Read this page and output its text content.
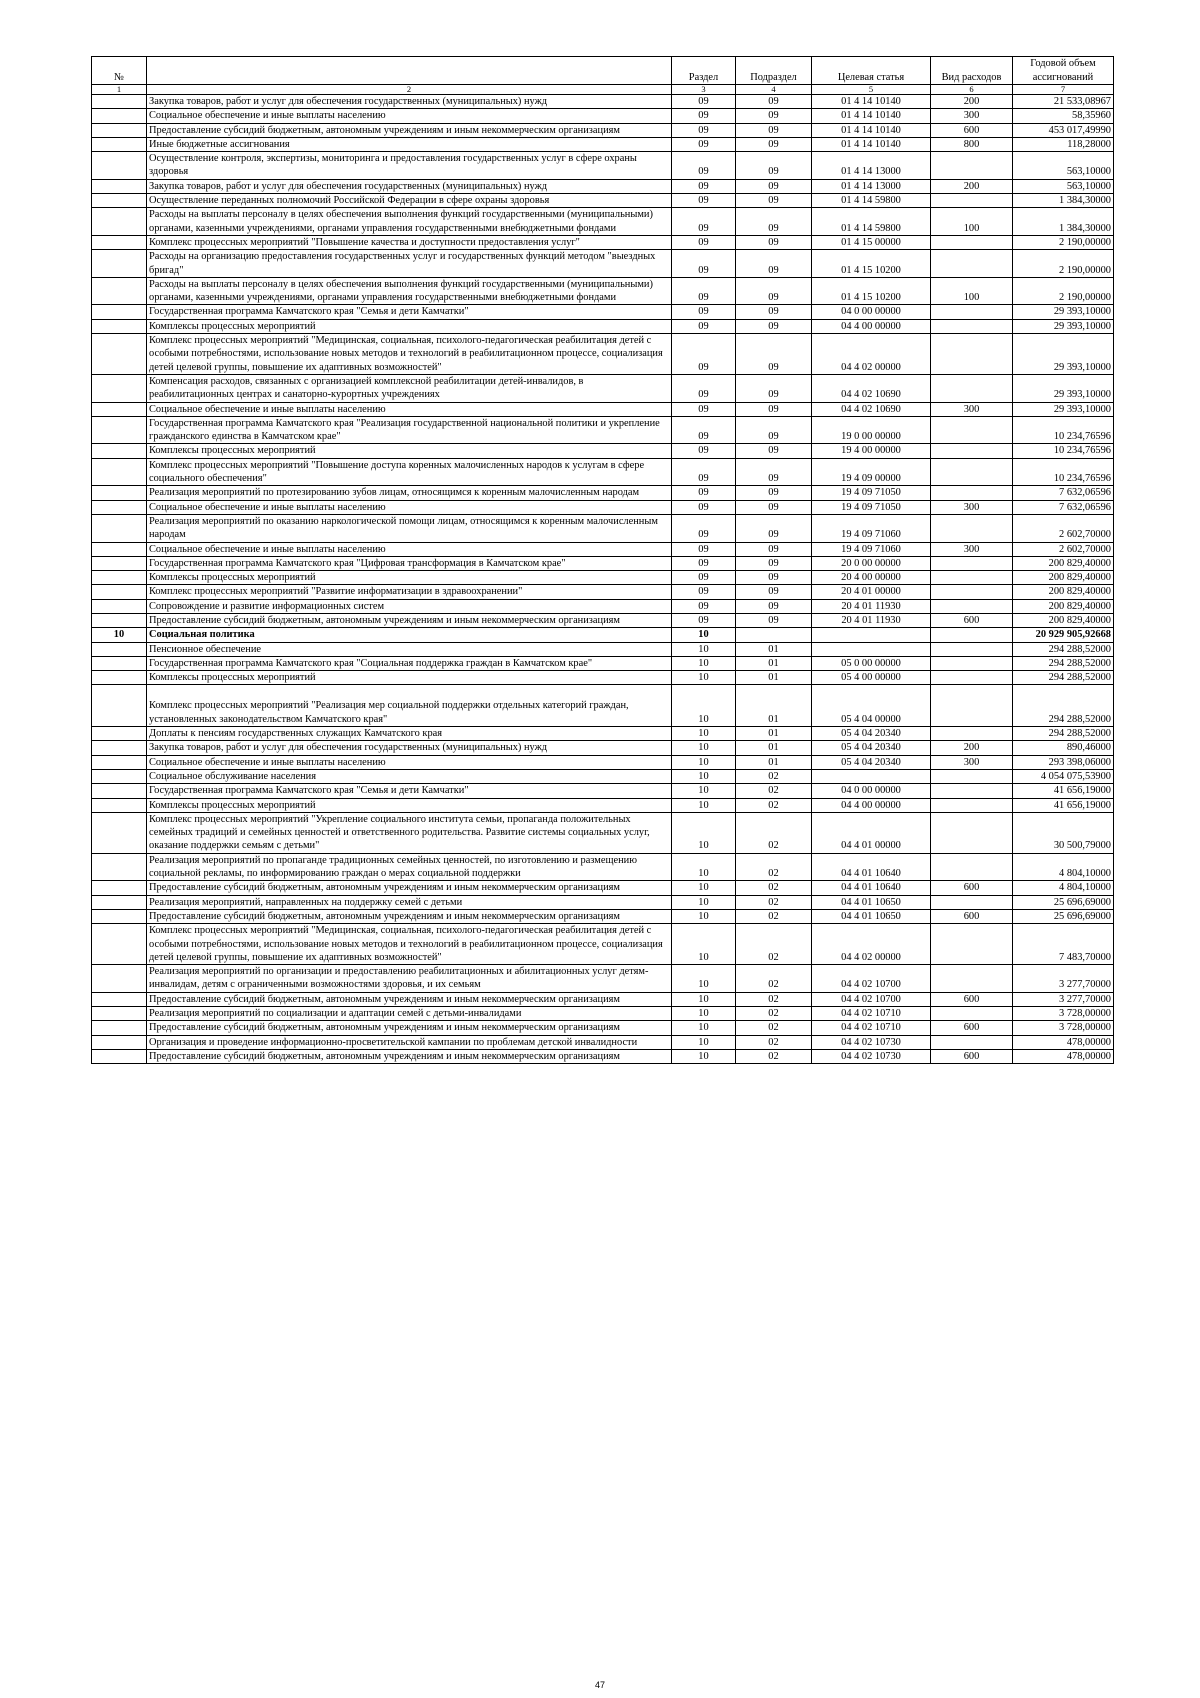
№		Раздел	Подраздел	Целевая статья	Вид расходов	Годовой объем ассигнований
1	2	3	4	5	6	7
	Закупка товаров, работ и услуг для обеспечения государственных (муниципальных) нужд	09	09	01 4 14 10140	200	21 533,08967
	Социальное обеспечение и иные выплаты населению	09	09	01 4 14 10140	300	58,35960
	Предоставление субсидий бюджетным, автономным учреждениям и иным некоммерческим организациям	09	09	01 4 14 10140	600	453 017,49990
	Иные бюджетные ассигнования	09	09	01 4 14 10140	800	118,28000
	Осуществление контроля, экспертизы, мониторинга и предоставления государственных услуг в сфере охраны здоровья	09	09	01 4 14 13000		563,10000
	Закупка товаров, работ и услуг для обеспечения государственных (муниципальных) нужд	09	09	01 4 14 13000	200	563,10000
	Осуществление переданных полномочий Российской Федерации в сфере охраны здоровья	09	09	01 4 14 59800		1 384,30000
	Расходы на выплаты персоналу в целях обеспечения выполнения функций государственными (муниципальными) органами, казенными учреждениями, органами управления государственными внебюджетными фондами	09	09	01 4 14 59800	100	1 384,30000
	Комплекс процессных мероприятий "Повышение качества и доступности предоставления услуг"	09	09	01 4 15 00000		2 190,00000
	Расходы на организацию предоставления государственных услуг и государственных функций методом "выездных бригад"	09	09	01 4 15 10200		2 190,00000
	Расходы на выплаты персоналу в целях обеспечения выполнения функций государственными (муниципальными) органами, казенными учреждениями, органами управления государственными внебюджетными фондами	09	09	01 4 15 10200	100	2 190,00000
	Государственная программа Камчатского края "Семья и дети Камчатки"	09	09	04 0 00 00000		29 393,10000
	Комплексы процессных мероприятий	09	09	04 4 00 00000		29 393,10000
	Комплекс процессных мероприятий "Медицинская, социальная, психолого-педагогическая реабилитация детей с особыми потребностями, использование новых методов и технологий в реабилитационном процессе, социализация детей целевой группы, повышение их адаптивных возможностей"	09	09	04 4 02 00000		29 393,10000
	Компенсация расходов, связанных с организацией комплексной реабилитации детей-инвалидов, в реабилитационных центрах и санаторно-курортных учреждениях	09	09	04 4 02 10690		29 393,10000
	Социальное обеспечение и иные выплаты населению	09	09	04 4 02 10690	300	29 393,10000
	Государственная программа Камчатского края "Реализация государственной национальной политики и укрепление гражданского единства в Камчатском крае"	09	09	19 0 00 00000		10 234,76596
	Комплексы процессных мероприятий	09	09	19 4 00 00000		10 234,76596
	Комплекс процессных мероприятий "Повышение доступа коренных малочисленных народов к услугам в сфере социального обеспечения"	09	09	19 4 09 00000		10 234,76596
	Реализация мероприятий по протезированию зубов лицам, относящимся к коренным малочисленным народам	09	09	19 4 09 71050		7 632,06596
	Социальное обеспечение и иные выплаты населению	09	09	19 4 09 71050	300	7 632,06596
	Реализация мероприятий по оказанию наркологической помощи лицам, относящимся к коренным малочисленным народам	09	09	19 4 09 71060		2 602,70000
	Социальное обеспечение и иные выплаты населению	09	09	19 4 09 71060	300	2 602,70000
	Государственная программа Камчатского края "Цифровая трансформация в Камчатском крае"	09	09	20 0 00 00000		200 829,40000
	Комплексы процессных мероприятий	09	09	20 4 00 00000		200 829,40000
	Комплекс процессных мероприятий "Развитие информатизации в здравоохранении"	09	09	20 4 01 00000		200 829,40000
	Сопровождение и развитие информационных систем	09	09	20 4 01 11930		200 829,40000
	Предоставление субсидий бюджетным, автономным учреждениям и иным некоммерческим организациям	09	09	20 4 01 11930	600	200 829,40000
10	Социальная политика	10				20 929 905,92668
	Пенсионное обеспечение	10	01			294 288,52000
	Государственная программа Камчатского края "Социальная поддержка граждан в Камчатском крае"	10	01	05 0 00 00000		294 288,52000
	Комплексы процессных мероприятий	10	01	05 4 00 00000		294 288,52000
	Комплекс процессных мероприятий "Реализация мер социальной поддержки отдельных категорий граждан, установленных законодательством Камчатского края"	10	01	05 4 04 00000		294 288,52000
	Доплаты к пенсиям государственных служащих Камчатского края	10	01	05 4 04 20340		294 288,52000
	Закупка товаров, работ и услуг для обеспечения государственных (муниципальных) нужд	10	01	05 4 04 20340	200	890,46000
	Социальное обеспечение и иные выплаты населению	10	01	05 4 04 20340	300	293 398,06000
	Социальное обслуживание населения	10	02			4 054 075,53900
	Государственная программа Камчатского края "Семья и дети Камчатки"	10	02	04 0 00 00000		41 656,19000
	Комплексы процессных мероприятий	10	02	04 4 00 00000		41 656,19000
	Комплекс процессных мероприятий "Укрепление социального института семьи, пропаганда положительных семейных традиций и семейных ценностей и ответственного родительства. Развитие системы социальных услуг, оказание поддержки семьям с детьми"	10	02	04 4 01 00000		30 500,79000
	Реализация мероприятий по пропаганде традиционных семейных ценностей, по изготовлению и размещению социальной рекламы, по информированию граждан о мерах социальной поддержки	10	02	04 4 01 10640		4 804,10000
	Предоставление субсидий бюджетным, автономным учреждениям и иным некоммерческим организациям	10	02	04 4 01 10640	600	4 804,10000
	Реализация мероприятий, направленных на поддержку семей с детьми	10	02	04 4 01 10650		25 696,69000
	Предоставление субсидий бюджетным, автономным учреждениям и иным некоммерческим организациям	10	02	04 4 01 10650	600	25 696,69000
	Комплекс процессных мероприятий "Медицинская, социальная, психолого-педагогическая реабилитация детей с особыми потребностями, использование новых методов и технологий в реабилитационном процессе, социализация детей целевой группы, повышение их адаптивных возможностей"	10	02	04 4 02 00000		7 483,70000
	Реализация мероприятий по организации и предоставлению реабилитационных и абилитационных услуг детям-инвалидам, детям с ограниченными возможностями здоровья, и их семьям	10	02	04 4 02 10700		3 277,70000
	Предоставление субсидий бюджетным, автономным учреждениям и иным некоммерческим организациям	10	02	04 4 02 10700	600	3 277,70000
	Реализация мероприятий по социализации и адаптации семей с детьми-инвалидами	10	02	04 4 02 10710		3 728,00000
	Предоставление субсидий бюджетным, автономным учреждениям и иным некоммерческим организациям	10	02	04 4 02 10710	600	3 728,00000
	Организация и проведение информационно-просветительской кампании по проблемам детской инвалидности	10	02	04 4 02 10730		478,00000
	Предоставление субсидий бюджетным, автономным учреждениям и иным некоммерческим организациям	10	02	04 4 02 10730	600	478,00000
47
